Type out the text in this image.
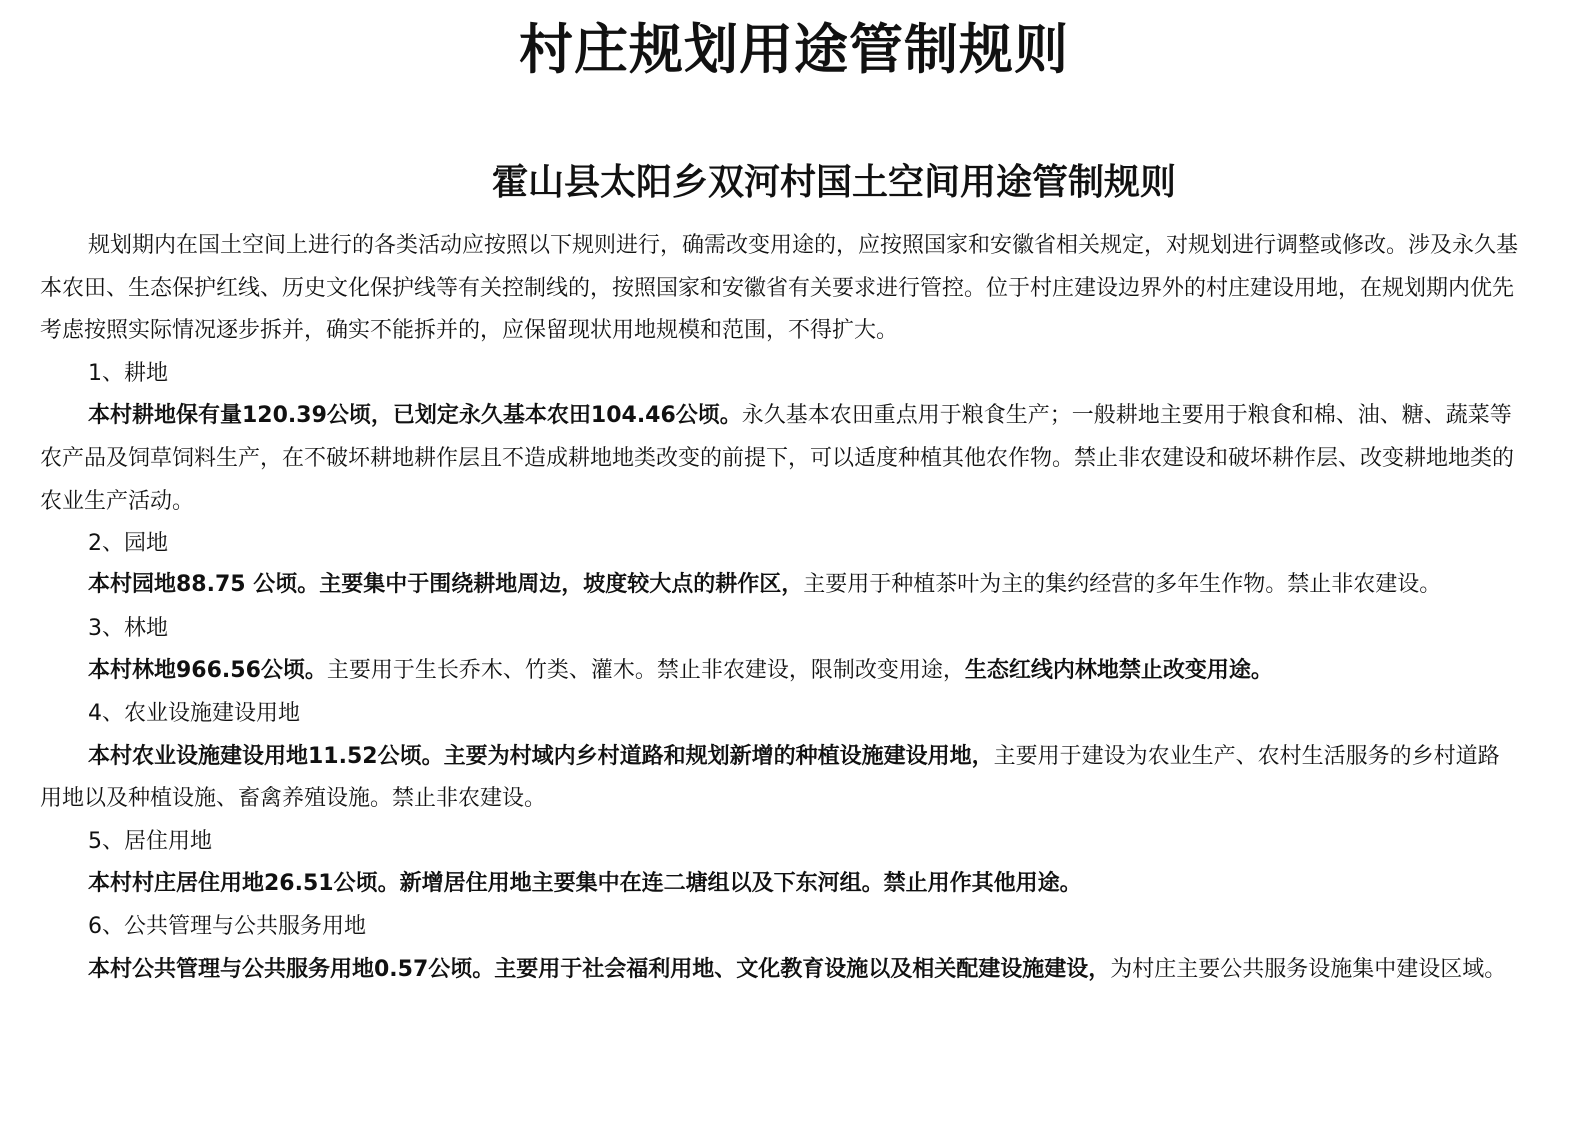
村庄规划用途管制规则
霍山县太阳乡双河村国土空间用途管制规则

规划期内在国土空间上进行的各类活动应按照以下规则进行，确需改变用途的，应按照国家和安徽省相关规定，对规划进行调整或修改。涉及永久基本农田、生态保护红线、历史文化保护线等有关控制线的，按照国家和安徽省有关要求进行管控。位于村庄建设边界外的村庄建设用地，在规划期内优先考虑按照实际情况逐步拆并，确实不能拆并的，应保留现状用地规模和范围，不得扩大。

1、耕地

本村耕地保有量120.39公顷，已划定永久基本农田104.46公顷。永久基本农田重点用于粮食生产；一般耕地主要用于粮食和棉、油、糖、蔬菜等农产品及饲草饲料生产，在不破坏耕地耕作层且不造成耕地地类改变的前提下，可以适度种植其他农作物。禁止非农建设和破坏耕作层、改变耕地地类的农业生产活动。

2、园地

本村园地88.75 公顷。主要集中于围绕耕地周边，坡度较大点的耕作区，主要用于种植茶叶为主的集约经营的多年生作物。禁止非农建设。

3、林地

本村林地966.56公顷。主要用于生长乔木、竹类、灌木。禁止非农建设，限制改变用途，生态红线内林地禁止改变用途。

4、农业设施建设用地

本村农业设施建设用地11.52公顷。主要为村域内乡村道路和规划新增的种植设施建设用地，主要用于建设为农业生产、农村生活服务的乡村道路用地以及种植设施、畜禽养殖设施。禁止非农建设。

5、居住用地

本村村庄居住用地26.51公顷。新增居住用地主要集中在连二塘组以及下东河组。禁止用作其他用途。

6、公共管理与公共服务用地

本村公共管理与公共服务用地0.57公顷。主要用于社会福利用地、文化教育设施以及相关配建设施建设，为村庄主要公共服务设施集中建设区域。
